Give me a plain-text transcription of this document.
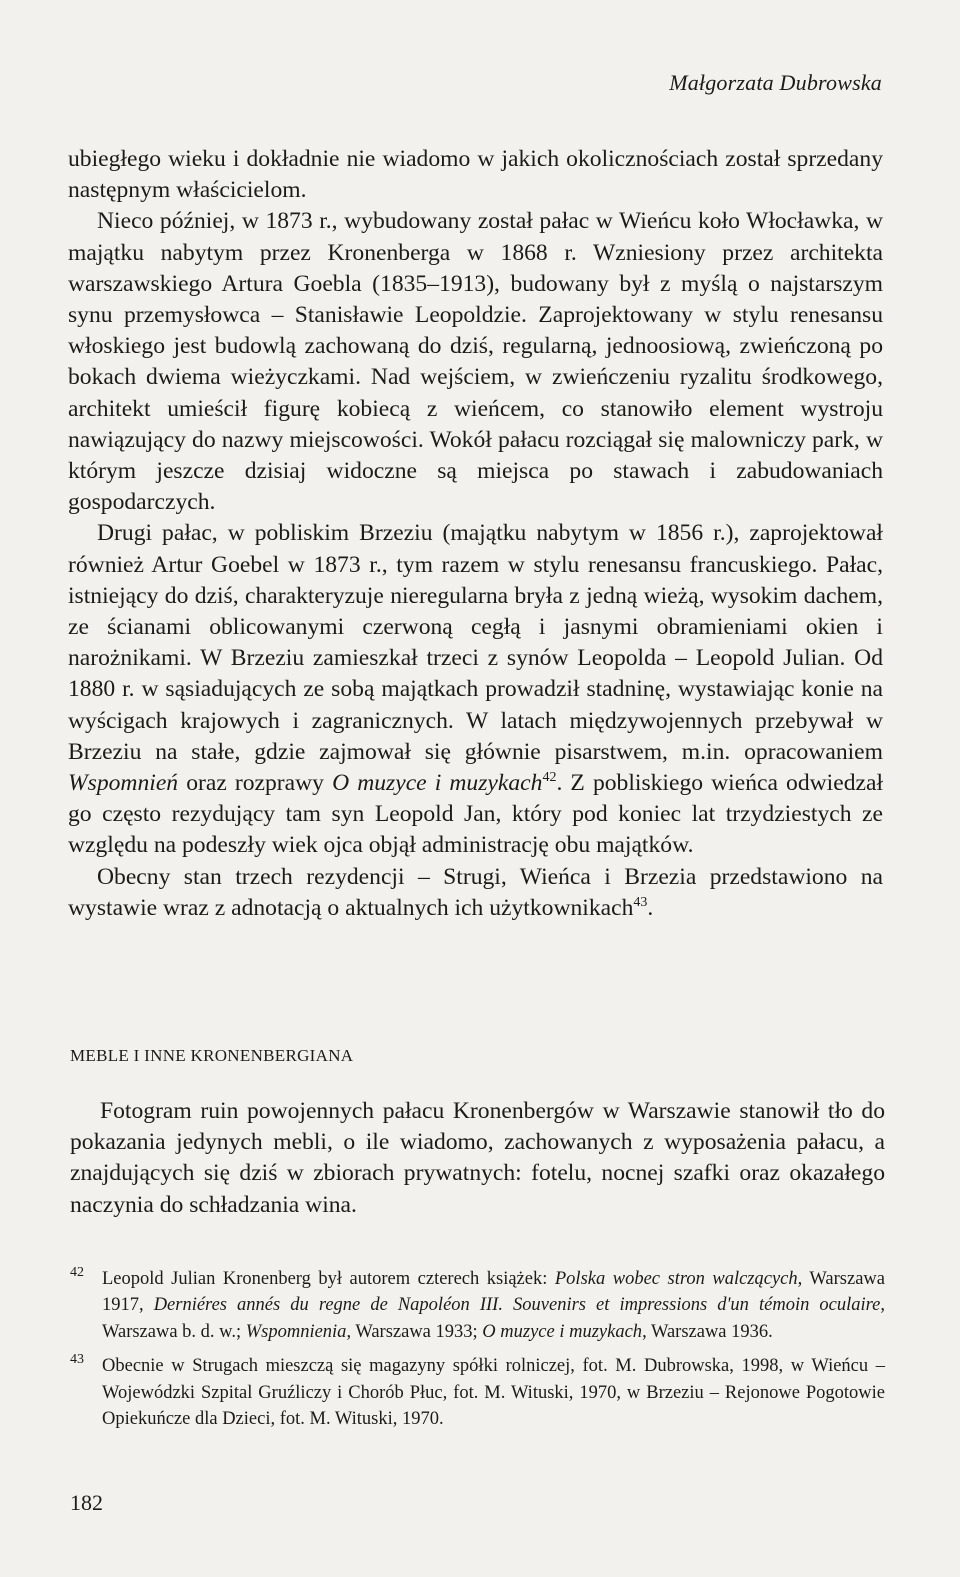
Małgorzata Dubrowska

ubiegłego wieku i dokładnie nie wiadomo w jakich okolicznościach został sprzedany następnym właścicielom.

Nieco później, w 1873 r., wybudowany został pałac w Wieńcu koło Włocławka, w majątku nabytym przez Kronenberga w 1868 r. Wzniesiony przez architekta warszawskiego Artura Goebla (1835–1913), budowany był z myślą o najstarszym synu przemysłowca – Stanisławie Leopoldzie. Zaprojektowany w stylu renesansu włoskiego jest budowlą zachowaną do dziś, regularną, jednoosiową, zwieńczoną po bokach dwiema wieżyczkami. Nad wejściem, w zwieńczeniu ryzalitu środkowego, architekt umieścił figurę kobiecą z wieńcem, co stanowiło element wystroju nawiązujący do nazwy miejscowości. Wokół pałacu rozciągał się malowniczy park, w którym jeszcze dzisiaj widoczne są miejsca po stawach i zabudowaniach gospodarczych.

Drugi pałac, w pobliskim Brzeziu (majątku nabytym w 1856 r.), zaprojektował również Artur Goebel w 1873 r., tym razem w stylu renesansu francuskiego. Pałac, istniejący do dziś, charakteryzuje nieregularna bryła z jedną wieżą, wysokim dachem, ze ścianami oblicowanymi czerwoną cegłą i jasnymi obramieniami okien i narożnikami. W Brzeziu zamieszkał trzeci z synów Leopolda – Leopold Julian. Od 1880 r. w sąsiadujących ze sobą majątkach prowadził stadninę, wystawiając konie na wyścigach krajowych i zagranicznych. W latach międzywojennych przebywał w Brzeziu na stałe, gdzie zajmował się głównie pisarstwem, m.in. opracowaniem Wspomnień oraz rozprawy O muzyce i muzykach$^{42}$. Z pobliskiego wieńca odwiedzał go często rezydujący tam syn Leopold Jan, który pod koniec lat trzydziestych ze względu na podeszły wiek ojca objął administrację obu majątków.

Obecny stan trzech rezydencji – Strugi, Wieńca i Brzezia przedstawiono na wystawie wraz z adnotacją o aktualnych ich użytkownikach$^{43}$.

MEBLE I INNE KRONENBERGIANA

Fotogram ruin powojennych pałacu Kronenbergów w Warszawie stanowił tło do pokazania jedynych mebli, o ile wiadomo, zachowanych z wyposażenia pałacu, a znajdujących się dziś w zbiorach prywatnych: fotelu, nocnej szafki oraz okazałego naczynia do schładzania wina.

42 Leopold Julian Kronenberg był autorem czterech książek: Polska wobec stron walczących, Warszawa 1917, Derniéres annés du regne de Napoléon III. Souvenirs et impressions d'un témoin oculaire, Warszawa b. d. w.; Wspomnienia, Warszawa 1933; O muzyce i muzykach, Warszawa 1936.
43 Obecnie w Strugach mieszczą się magazyny spółki rolniczej, fot. M. Dubrowska, 1998, w Wieńcu – Wojewódzki Szpital Gruźliczy i Chorób Płuc, fot. M. Wituski, 1970, w Brzeziu – Rejonowe Pogotowie Opiekuńcze dla Dzieci, fot. M. Wituski, 1970.
182
